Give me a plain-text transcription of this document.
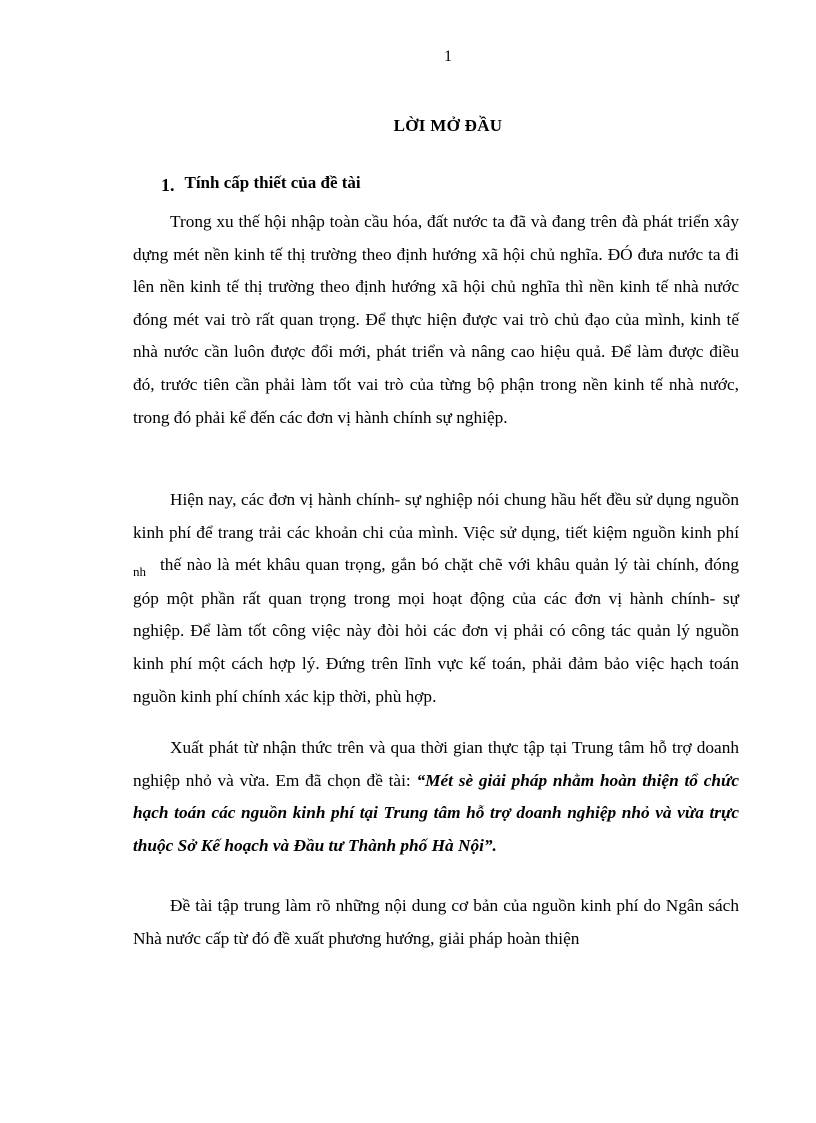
1
LỜI MỞ ĐẦU
1. Tính cấp thiết của đề tài

Trong xu thế hội nhập toàn cầu hóa, đất nước ta đã và đang trên đà phát triển xây dựng mét nền kinh tế thị trường theo định hướng xã hội chủ nghĩa. ĐÓ đưa nước ta đi lên nền kinh tế thị trường theo định hướng xã hội chủ nghĩa thì nền kinh tế nhà nước đóng mét vai trò rất quan trọng. Để thực hiện được vai trò chủ đạo của mình, kinh tế nhà nước cần luôn được đổi mới, phát triển và nâng cao hiệu quả. Để làm được điều đó, trước tiên cần phải làm tốt vai trò của từng bộ phận trong nền kinh tế nhà nước, trong đó phải kể đến các đơn vị hành chính sự nghiệp.

Hiện nay, các đơn vị hành chính- sự nghiệp nói chung hầu hết đều sử dụng nguồn kinh phí để trang trải các khoản chi của mình. Việc sử dụng, tiết kiệm nguồn kinh phí $_{nh}$ thế nào là mét khâu quan trọng, gắn bó chặt chẽ với khâu quản lý tài chính, đóng góp một phần rất quan trọng trong mọi hoạt động của các đơn vị hành chính- sự nghiệp. Để làm tốt công việc này đòi hỏi các đơn vị phải có công tác quản lý nguồn kinh phí một cách hợp lý. Đứng trên lĩnh vực kế toán, phải đảm bảo việc hạch toán nguồn kinh phí chính xác kịp thời, phù hợp.

Xuất phát từ nhận thức trên và qua thời gian thực tập tại Trung tâm hỗ trợ doanh nghiệp nhỏ và vừa. Em đã chọn đề tài: “Mét sè giải pháp nhằm hoàn thiện tổ chức hạch toán các nguồn kinh phí tại Trung tâm hỗ trợ doanh nghiệp nhỏ và vừa trực thuộc Sở Kế hoạch và Đầu tư Thành phố Hà Nội”.

Đề tài tập trung làm rõ những nội dung cơ bản của nguồn kinh phí do Ngân sách Nhà nước cấp từ đó đề xuất phương hướng, giải pháp hoàn thiện
